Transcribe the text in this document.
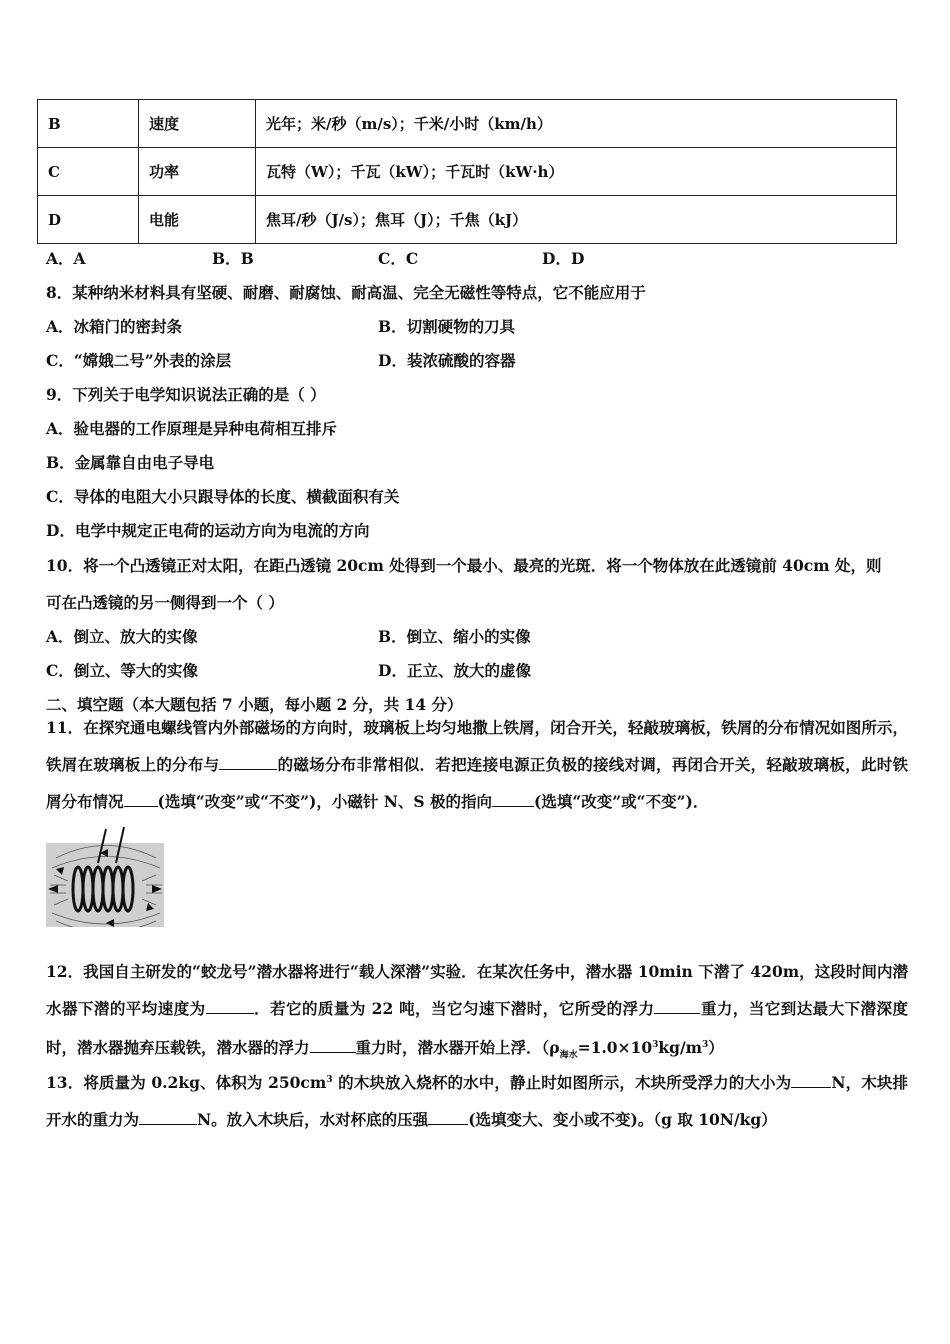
B	速度	光年；米/秒（m/s）；千米/小时（km/h）
C	功率	瓦特（W）；千瓦（kW）；千瓦时（kW·h）
D	电能	焦耳/秒（J/s）；焦耳（J）；千焦（kJ）
A．A	B．B	C．C	D．D
8．某种纳米材料具有坚硬、耐磨、耐腐蚀、耐高温、完全无磁性等特点，它不能应用于
A．冰箱门的密封条	B．切割硬物的刀具
C．“嫦娥二号”外表的涂层	D．装浓硫酸的容器
9．下列关于电学知识说法正确的是（ ）
A．验电器的工作原理是异种电荷相互排斥
B．金属靠自由电子导电
C．导体的电阻大小只跟导体的长度、横截面积有关
D．电学中规定正电荷的运动方向为电流的方向
10．将一个凸透镜正对太阳，在距凸透镜 20cm 处得到一个最小、最亮的光斑．将一个物体放在此透镜前 40cm 处，则
可在凸透镜的另一侧得到一个（ ）
A．倒立、放大的实像	B．倒立、缩小的实像
C．倒立、等大的实像	D．正立、放大的虚像
二、填空题（本大题包括 7 小题，每小题 2 分，共 14 分）
11．在探究通电螺线管内外部磁场的方向时，玻璃板上均匀地撒上铁屑，闭合开关，轻敲玻璃板，铁屑的分布情况如图所示，铁屑在玻璃板上的分布与	的磁场分布非常相似．若把连接电源正负极的接线对调，再闭合开关，轻敲玻璃板，此时铁屑分布情况 (选填“改变”或“不变”)，小磁针 N、S 极的指向	(选填“改变”或“不变”)．
12．我国自主研发的“蛟龙号”潜水器将进行“载人深潜”实验．在某次任务中，潜水器 10min 下潜了 420m，这段时间内潜水器下潜的平均速度为	．若它的质量为 22 吨，当它匀速下潜时，它所受的浮力	重力，当它到达最大下潜深度时，潜水器抛弃压载铁，潜水器的浮力	重力时，潜水器开始上浮．$(\rho_{海水}=1.0\times 10^3kg/m^3)$
13．将质量为 0.2kg、体积为 $250cm^3$ 的木块放入烧杯的水中，静止时如图所示，木块所受浮力的大小为	N，木块排开水的重力为	N。放入木块后，水对杯底的压强	(选填变大、变小或不变)。（g 取 10N/kg）
